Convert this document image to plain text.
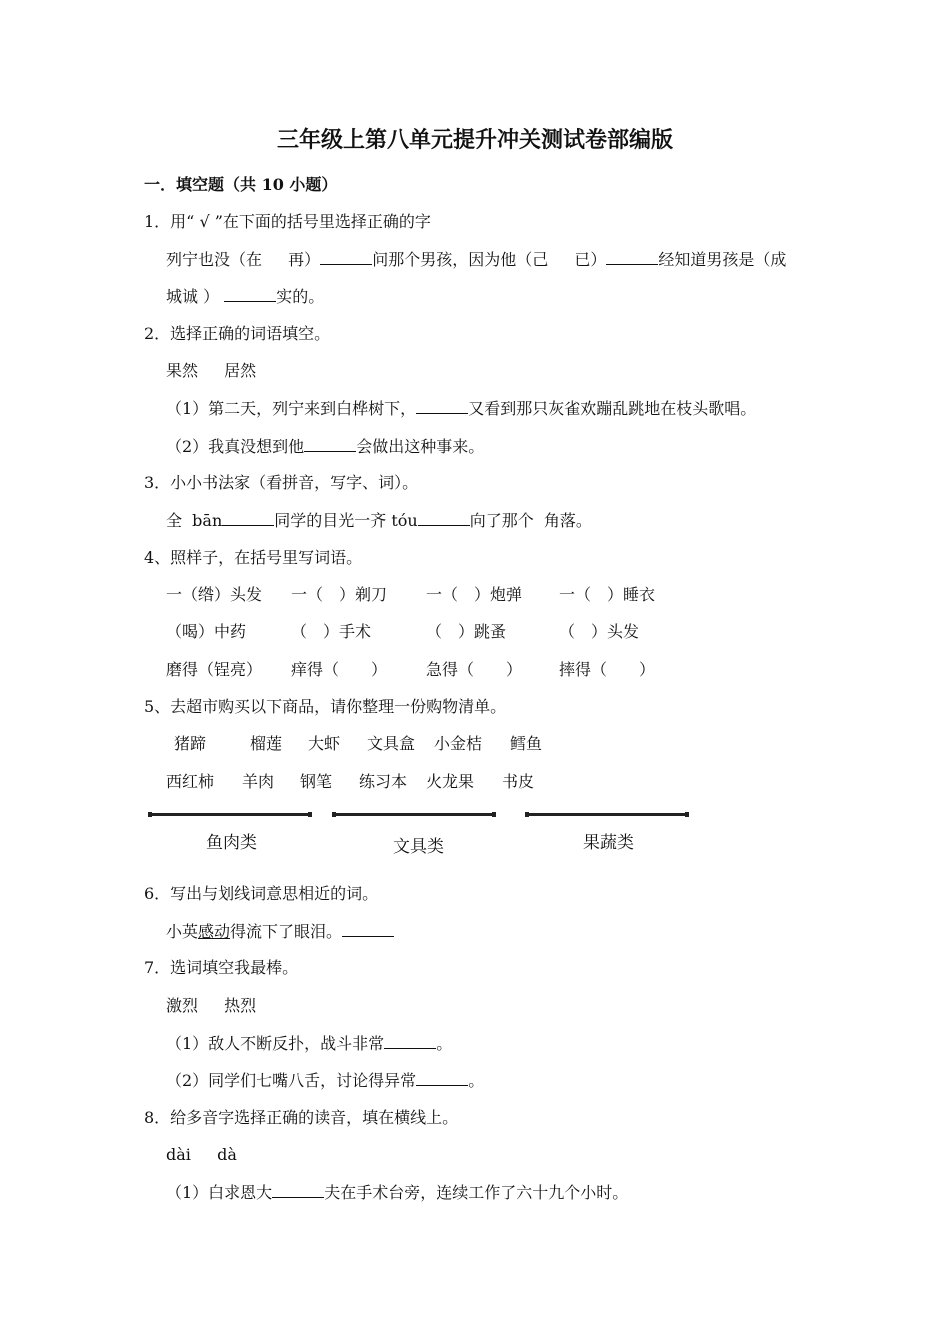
三年级上第八单元提升冲关测试卷部编版
一．填空题（共 10 小题）
1．用“ √ ”在下面的括号里选择正确的字
列宁也没（在　  再）	问那个男孩，因为他（己　  已）	经知道男孩是（成
城诚 ）	实的。
2．选择正确的词语填空。
果然　  居然
（1）第二天，列宁来到白桦树下，	又看到那只灰雀欢蹦乱跳地在枝头歌唱。
（2）我真没想到他	会做出这种事来。
3．小小书法家（看拼音，写字、词）。
全  bān	同学的目光一齐 tóu	向了那个  角落。
4、照样子，在括号里写词语。
一（绺）头发 一（　）剃刀 一（　）炮弹 一（　）睡衣
（喝）中药	（　）手术	（　）跳蚤	（　）头发
磨得（锃亮） 痒得（　　） 急得（　　） 摔得（　　）
5、去超市购买以下商品，请你整理一份购物清单。
猪蹄	榴莲 大虾 文具盒 小金桔 鳕鱼
西红柿 羊肉 钢笔 练习本 火龙果 书皮
鱼肉类	文具类	果蔬类
6．写出与划线词意思相近的词。
小英感动得流下了眼泪。
7．选词填空我最棒。
激烈　  热烈
（1）敌人不断反扑，战斗非常	。
（2）同学们七嘴八舌，讨论得异常	。
8．给多音字选择正确的读音，填在横线上。
dài　  dà
（1）白求恩大	夫在手术台旁，连续工作了六十九个小时。
